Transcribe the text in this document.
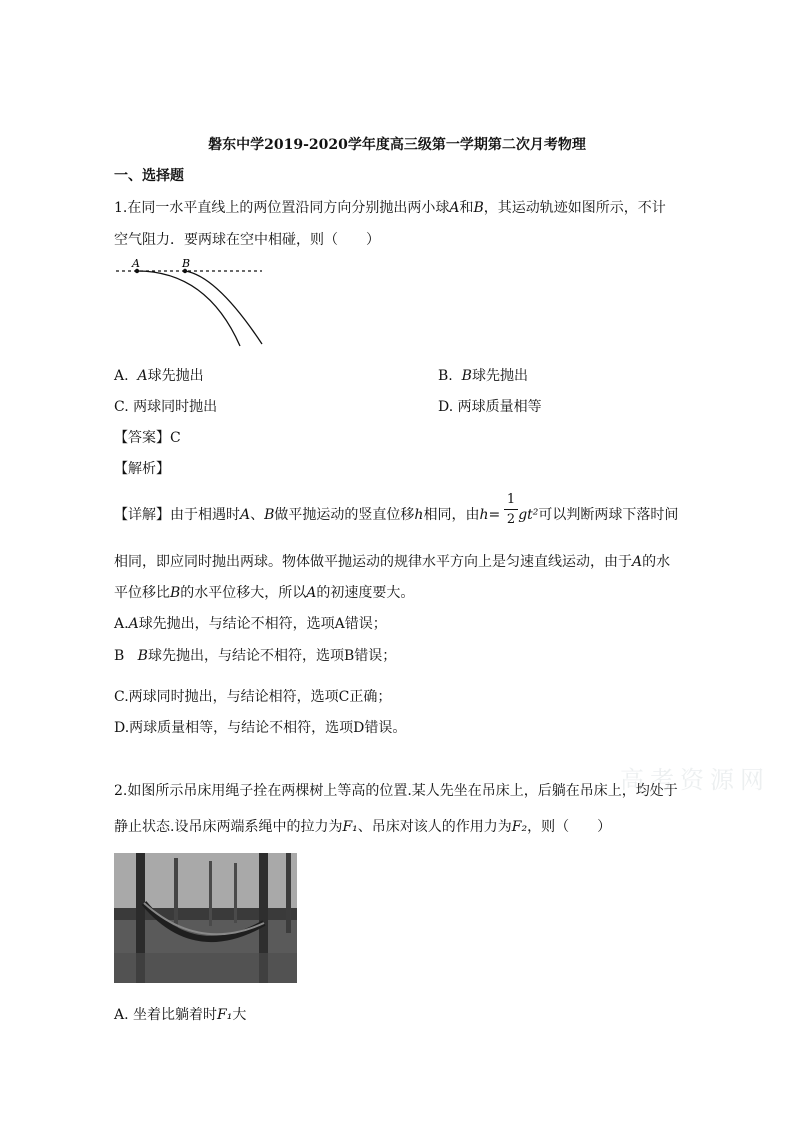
磐东中学2019-2020学年度高三级第一学期第二次月考物理
一、选择题
1.在同一水平直线上的两位置沿同方向分别抛出两小球A和B，其运动轨迹如图所示，不计
空气阻力．要两球在空中相碰，则（　　）
A	B
A. A球先抛出	B. B球先抛出
C. 两球同时抛出	D. 两球质量相等
【答案】C
【解析】
【详解】由于相遇时A、B做平抛运动的竖直位移h相同，由h= gt²可以判断两球下落时间
1
2
相同，即应同时抛出两球。物体做平抛运动的规律水平方向上是匀速直线运动，由于A的水
平位移比B的水平位移大，所以A的初速度要大。
A.A球先抛出，与结论不相符，选项A错误；
B B球先抛出，与结论不相符，选项B错误；
C.两球同时抛出，与结论相符，选项C正确；
D.两球质量相等，与结论不相符，选项D错误。
高考资源网
2.如图所示吊床用绳子拴在两棵树上等高的位置.某人先坐在吊床上，后躺在吊床上，均处于
静止状态.设吊床两端系绳中的拉力为F₁、吊床对该人的作用力为F₂，则（　　）
A. 坐着比躺着时F₁大
